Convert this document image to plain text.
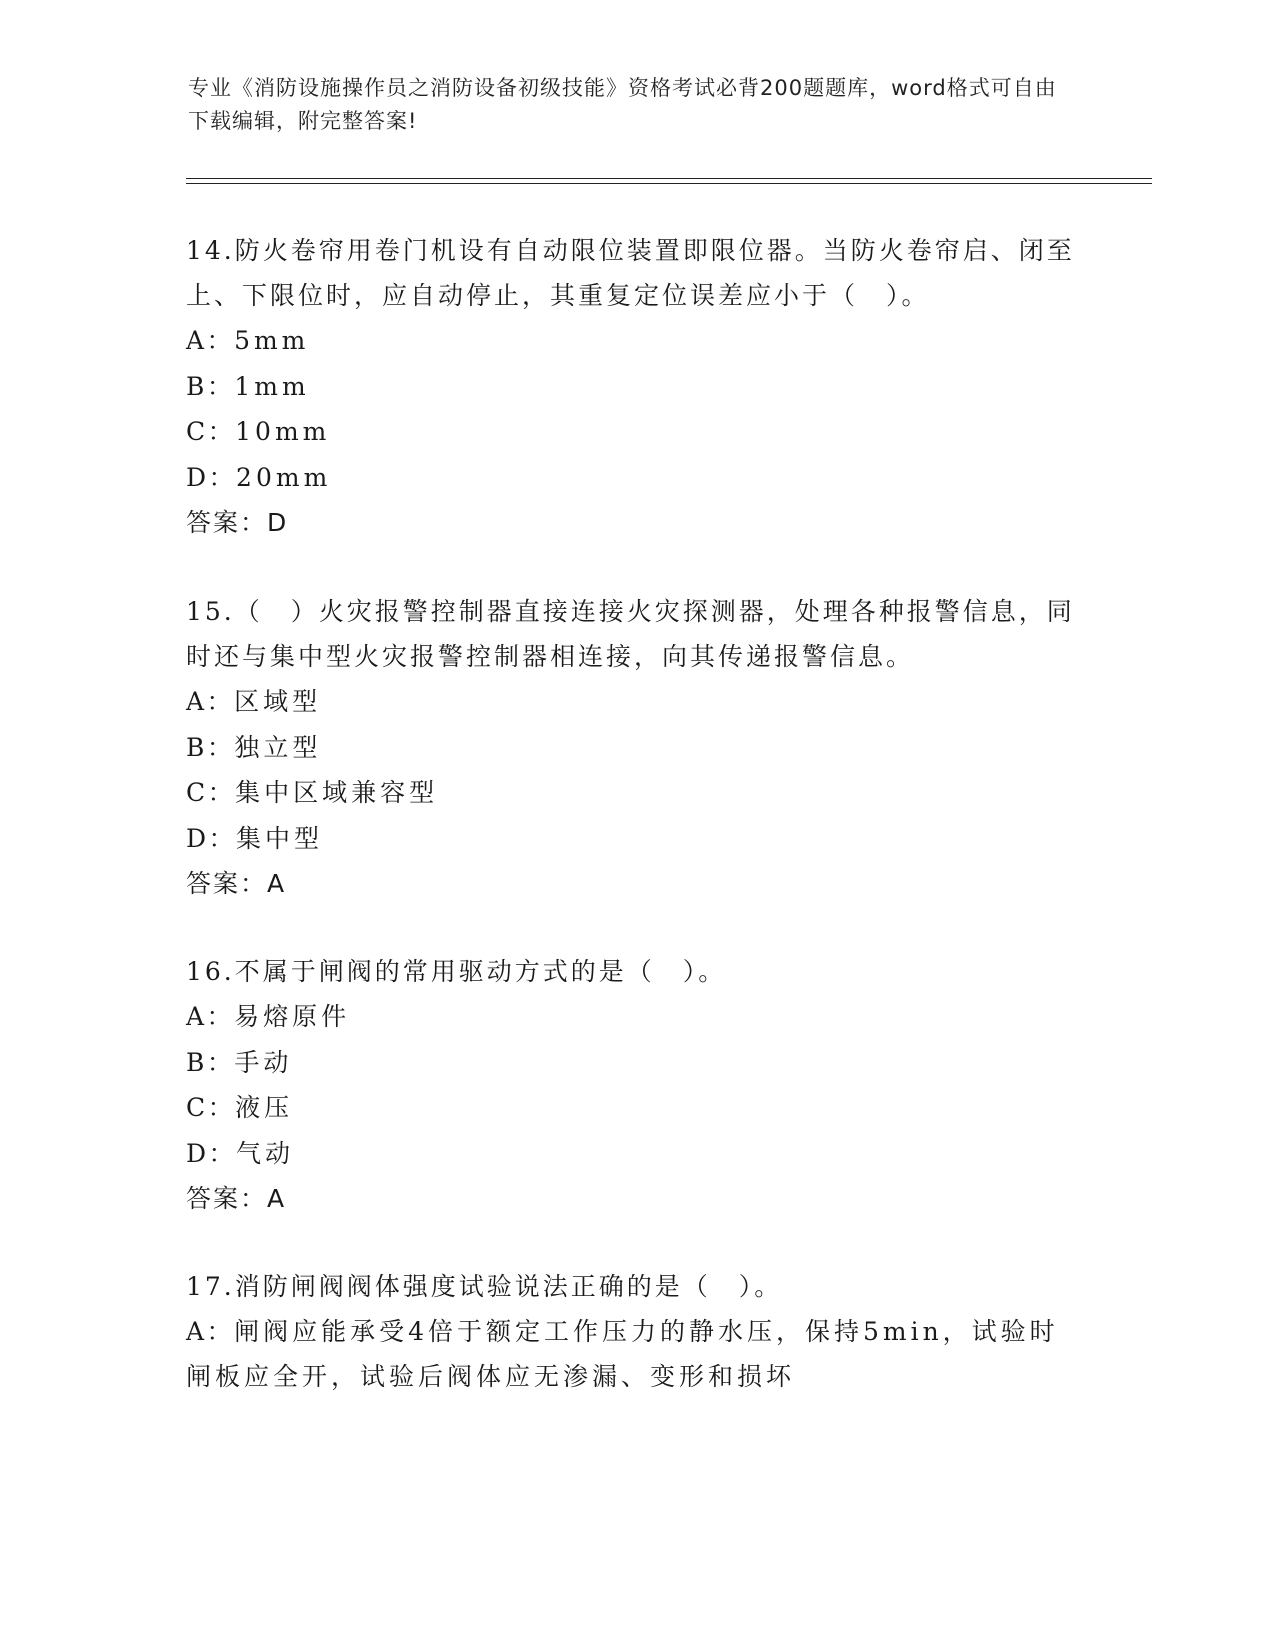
专业《消防设施操作员之消防设备初级技能》资格考试必背200题题库，word格式可自由下载编辑，附完整答案!

14.防火卷帘用卷门机设有自动限位装置即限位器。当防火卷帘启、闭至上、下限位时，应自动停止，其重复定位误差应小于（　）。

A：5mm

B：1mm

C：10mm

D：20mm

答案：D

15.（　）火灾报警控制器直接连接火灾探测器，处理各种报警信息，同时还与集中型火灾报警控制器相连接，向其传递报警信息。

A：区域型

B：独立型

C：集中区域兼容型

D：集中型

答案：A

16.不属于闸阀的常用驱动方式的是（　）。

A：易熔原件

B：手动

C：液压

D：气动

答案：A

17.消防闸阀阀体强度试验说法正确的是（　）。

A：闸阀应能承受4倍于额定工作压力的静水压，保持5min，试验时闸板应全开，试验后阀体应无渗漏、变形和损坏
